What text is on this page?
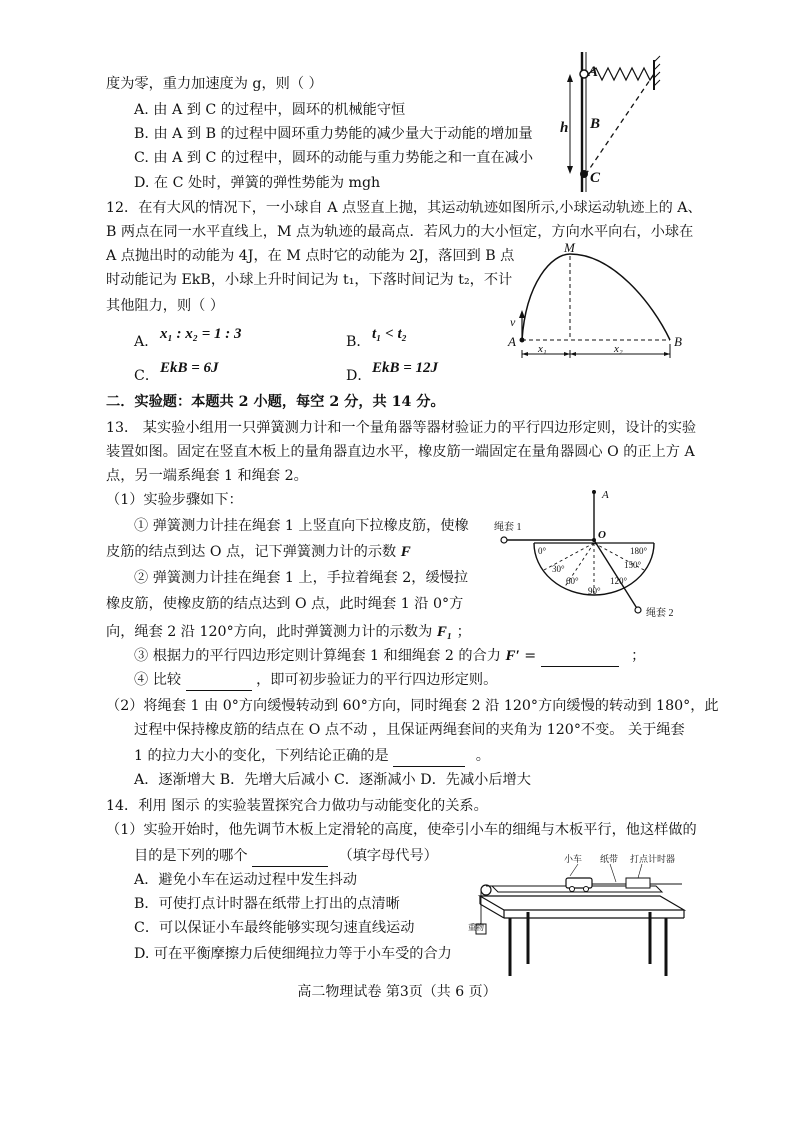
度为零，重力加速度为 g，则（ ）
A. 由 A 到 C 的过程中，圆环的机械能守恒
B. 由 A 到 B 的过程中圆环重力势能的减少量大于动能的增加量
C. 由 A 到 C 的过程中，圆环的动能与重力势能之和一直在减小
D. 在 C 处时，弹簧的弹性势能为 mgh
A
B
C
h
12．在有大风的情况下，一小球自 A 点竖直上抛，其运动轨迹如图所示,小球运动轨迹上的 A、
B 两点在同一水平直线上，M 点为轨迹的最高点．若风力的大小恒定，方向水平向右，小球在
A 点抛出时的动能为 4J，在 M 点时它的动能为 2J，落回到 B 点
时动能记为 EkB，小球上升时间记为 t₁，下落时间记为 t₂，不计
其他阻力，则（ ）
A． x₁ : x₂ = 1 : 3	B． t₁ < t₂
C． EkB = 6J	D． EkB = 12J
M
A	B
v
x₁	x₂
二．实验题：本题共 2 小题，每空 2 分，共 14 分。
13． 某实验小组用一只弹簧测力计和一个量角器等器材验证力的平行四边形定则，设计的实验
装置如图。固定在竖直木板上的量角器直边水平，橡皮筋一端固定在量角器圆心 O 的正上方 A
点，另一端系绳套 1 和绳套 2。
（1）实验步骤如下：
① 弹簧测力计挂在绳套 1 上竖直向下拉橡皮筋，使橡
皮筋的结点到达 O 点，记下弹簧测力计的示数 F
② 弹簧测力计挂在绳套 1 上，手拉着绳套 2，缓慢拉
橡皮筋，使橡皮筋的结点达到 O 点，此时绳套 1 沿 0°方
向，绳套 2 沿 120°方向，此时弹簧测力计的示数为 F₁ ；
③ 根据力的平行四边形定则计算绳套 1 和细绳套 2 的合力 F′ =	；
④ 比较	，即可初步验证力的平行四边形定则。
（2）将绳套 1 由 0°方向缓慢转动到 60°方向，同时绳套 2 沿 120°方向缓慢的转动到 180°，此
过程中保持橡皮筋的结点在 O 点不动 ，且保证两绳套间的夹角为 120°不变。 关于绳套
1 的拉力大小的变化，下列结论正确的是	。
A．逐渐增大 B．先增大后减小 C．逐渐减小 D．先减小后增大
A
O
绳套 1
绳套 2
0°
30°
60°
90°
120°
150°
180°
14．利用 图示 的实验装置探究合力做功与动能变化的关系。
（1）实验开始时，他先调节木板上定滑轮的高度，使牵引小车的细绳与木板平行，他这样做的
目的是下列的哪个	（填字母代号）
A．避免小车在运动过程中发生抖动
B．可使打点计时器在纸带上打出的点清晰
C．可以保证小车最终能够实现匀速直线运动
D. 可在平衡摩擦力后使细绳拉力等于小车受的合力
小车 纸带 打点计时器
重物
高二物理试卷 第3页（共 6 页）
